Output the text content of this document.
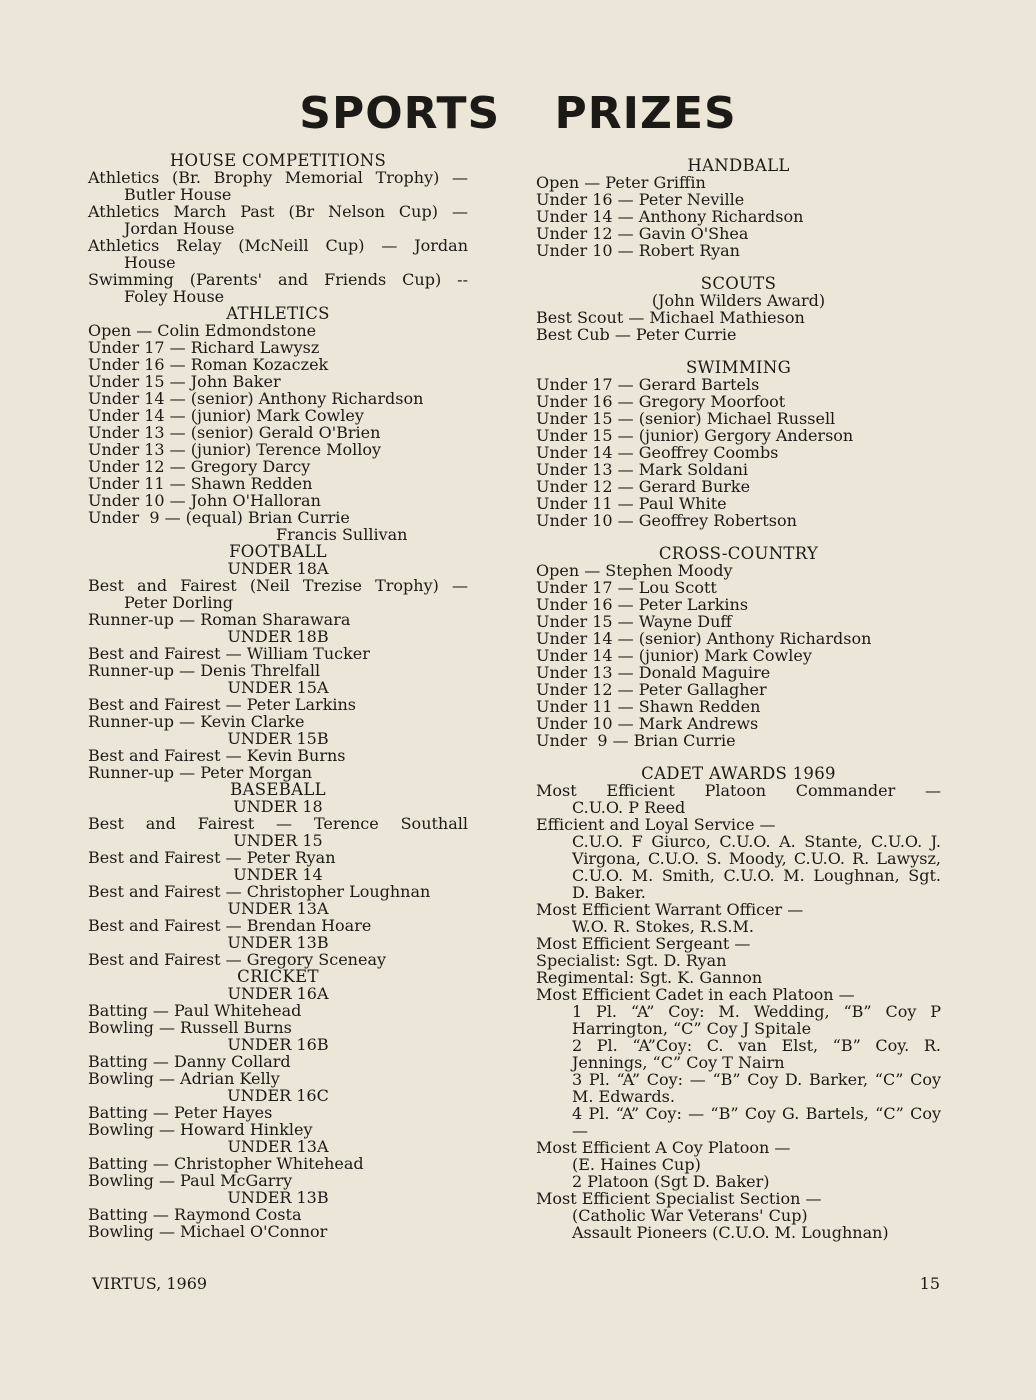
SPORTS PRIZES
HOUSE COMPETITIONS
Athletics (Br. Brophy Memorial Trophy) —
Butler House
Athletics March Past (Br Nelson Cup) —
Jordan House
Athletics Relay (McNeill Cup) — Jordan
House
Swimming (Parents' and Friends Cup) --
Foley House
ATHLETICS
Open — Colin Edmondstone
Under 17 — Richard Lawysz
Under 16 — Roman Kozaczek
Under 15 — John Baker
Under 14 — (senior) Anthony Richardson
Under 14 — (junior) Mark Cowley
Under 13 — (senior) Gerald O'Brien
Under 13 — (junior) Terence Molloy
Under 12 — Gregory Darcy
Under 11 — Shawn Redden
Under 10 — John O'Halloran
Under  9 — (equal) Brian Currie
Francis Sullivan
FOOTBALL
UNDER 18A
Best and Fairest (Neil Trezise Trophy) —
Peter Dorling
Runner-up — Roman Sharawara
UNDER 18B
Best and Fairest — William Tucker
Runner-up — Denis Threlfall
UNDER 15A
Best and Fairest — Peter Larkins
Runner-up — Kevin Clarke
UNDER 15B
Best and Fairest — Kevin Burns
Runner-up — Peter Morgan
BASEBALL
UNDER 18
Best and Fairest — Terence Southall
UNDER 15
Best and Fairest — Peter Ryan
UNDER 14
Best and Fairest — Christopher Loughnan
UNDER 13A
Best and Fairest — Brendan Hoare
UNDER 13B
Best and Fairest — Gregory Sceneay
CRICKET
UNDER 16A
Batting — Paul Whitehead
Bowling — Russell Burns
UNDER 16B
Batting — Danny Collard
Bowling — Adrian Kelly
UNDER 16C
Batting — Peter Hayes
Bowling — Howard Hinkley
UNDER 13A
Batting — Christopher Whitehead
Bowling — Paul McGarry
UNDER 13B
Batting — Raymond Costa
Bowling — Michael O'Connor
HANDBALL
Open — Peter Griffin
Under 16 — Peter Neville
Under 14 — Anthony Richardson
Under 12 — Gavin O'Shea
Under 10 — Robert Ryan
SCOUTS
(John Wilders Award)
Best Scout — Michael Mathieson
Best Cub — Peter Currie
SWIMMING
Under 17 — Gerard Bartels
Under 16 — Gregory Moorfoot
Under 15 — (senior) Michael Russell
Under 15 — (junior) Gergory Anderson
Under 14 — Geoffrey Coombs
Under 13 — Mark Soldani
Under 12 — Gerard Burke
Under 11 — Paul White
Under 10 — Geoffrey Robertson
CROSS-COUNTRY
Open — Stephen Moody
Under 17 — Lou Scott
Under 16 — Peter Larkins
Under 15 — Wayne Duff
Under 14 — (senior) Anthony Richardson
Under 14 — (junior) Mark Cowley
Under 13 — Donald Maguire
Under 12 — Peter Gallagher
Under 11 — Shawn Redden
Under 10 — Mark Andrews
Under  9 — Brian Currie
CADET AWARDS 1969
Most Efficient Platoon Commander —
C.U.O. P Reed
Efficient and Loyal Service —
C.U.O. F Giurco, C.U.O. A. Stante, C.U.O. J. Virgona, C.U.O. S. Moody, C.U.O. R. Lawysz, C.U.O. M. Smith, C.U.O. M. Loughnan, Sgt. D. Baker.
Most Efficient Warrant Officer —
W.O. R. Stokes, R.S.M.
Most Efficient Sergeant —
Specialist: Sgt. D. Ryan
Regimental: Sgt. K. Gannon
Most Efficient Cadet in each Platoon —
1 Pl. “A” Coy: M. Wedding, “B” Coy P Harrington, “C” Coy J Spitale
2 Pl. “A”Coy: C. van Elst, “B” Coy. R. Jennings, “C” Coy T Nairn
3 Pl. “A” Coy: — “B” Coy D. Barker, “C” Coy M. Edwards.
4 Pl. “A” Coy: — “B” Coy G. Bartels, “C” Coy —
Most Efficient A Coy Platoon —
(E. Haines Cup)
2 Platoon (Sgt D. Baker)
Most Efficient Specialist Section —
(Catholic War Veterans' Cup)
Assault Pioneers (C.U.O. M. Loughnan)
VIRTUS, 1969	15
